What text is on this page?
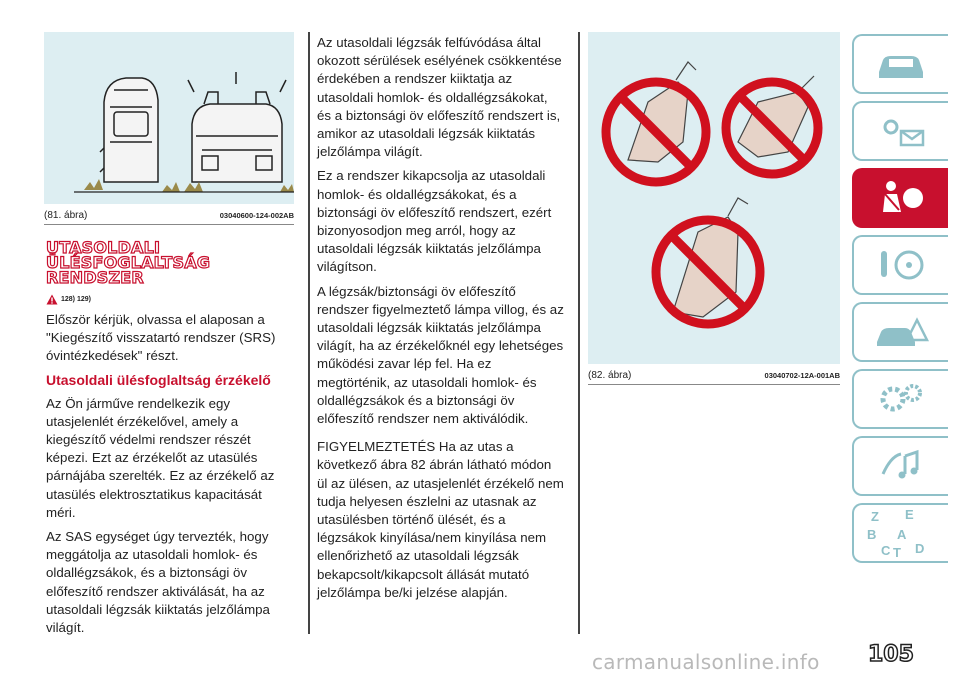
(81. ábra)	03040600-124-002AB
UTASOLDALI
ÜLÉSFOGLALTSÁG
RENDSZER
128) 129)

Először kérjük, olvassa el alaposan a "Kiegészítő visszatartó rendszer (SRS) óvintézkedések" részt.

Utasoldali ülésfoglaltság érzékelő

Az Ön járműve rendelkezik egy utasjelenlét érzékelővel, amely a kiegészítő védelmi rendszer részét képezi. Ezt az érzékelőt az utasülés párnájába szerelték. Ez az érzékelő az utasülés elektrosztatikus kapacitását méri.

Az SAS egységet úgy tervezték, hogy meggátolja az utasoldali homlok- és oldallégzsákok, és a biztonsági öv előfeszítő rendszer aktiválását, ha az utasoldali légzsák kiiktatás jelzőlámpa világít.

Az utasoldali légzsák felfúvódása által okozott sérülések esélyének csökkentése érdekében a rendszer kiiktatja az utasoldali homlok- és oldallégzsákokat, és a biztonsági öv előfeszítő rendszert is, amikor az utasoldali légzsák kiiktatás jelzőlámpa világít.

Ez a rendszer kikapcsolja az utasoldali homlok- és oldallégzsákokat, és a biztonsági öv előfeszítő rendszert, ezért bizonyosodjon meg arról, hogy az utasoldali légzsák kiiktatás jelzőlámpa világítson.

A légzsák/biztonsági öv előfeszítő rendszer figyelmeztető lámpa villog, és az utasoldali légzsák kiiktatás jelzőlámpa világít, ha az érzékelőknél egy lehetséges működési zavar lép fel. Ha ez megtörténik, az utasoldali homlok- és oldallégzsákok és a biztonsági öv előfeszítő rendszer nem aktiválódik.

FIGYELMEZTETÉS Ha az utas a következő ábra 82 ábrán látható módon ül az ülésen, az utasjelenlét érzékelő nem tudja helyesen észlelni az utasnak az utasülésben történő ülését, és a légzsákok kinyílása/nem kinyílása nem ellenőrizhető az utasoldali légzsák bekapcsolt/kikapcsolt állását mutató jelzőlámpa be/ki jelzése alapján.

(82. ábra)	03040702-12A-001AB
Z E
B A
C T D
105
carmanualsonline.info
